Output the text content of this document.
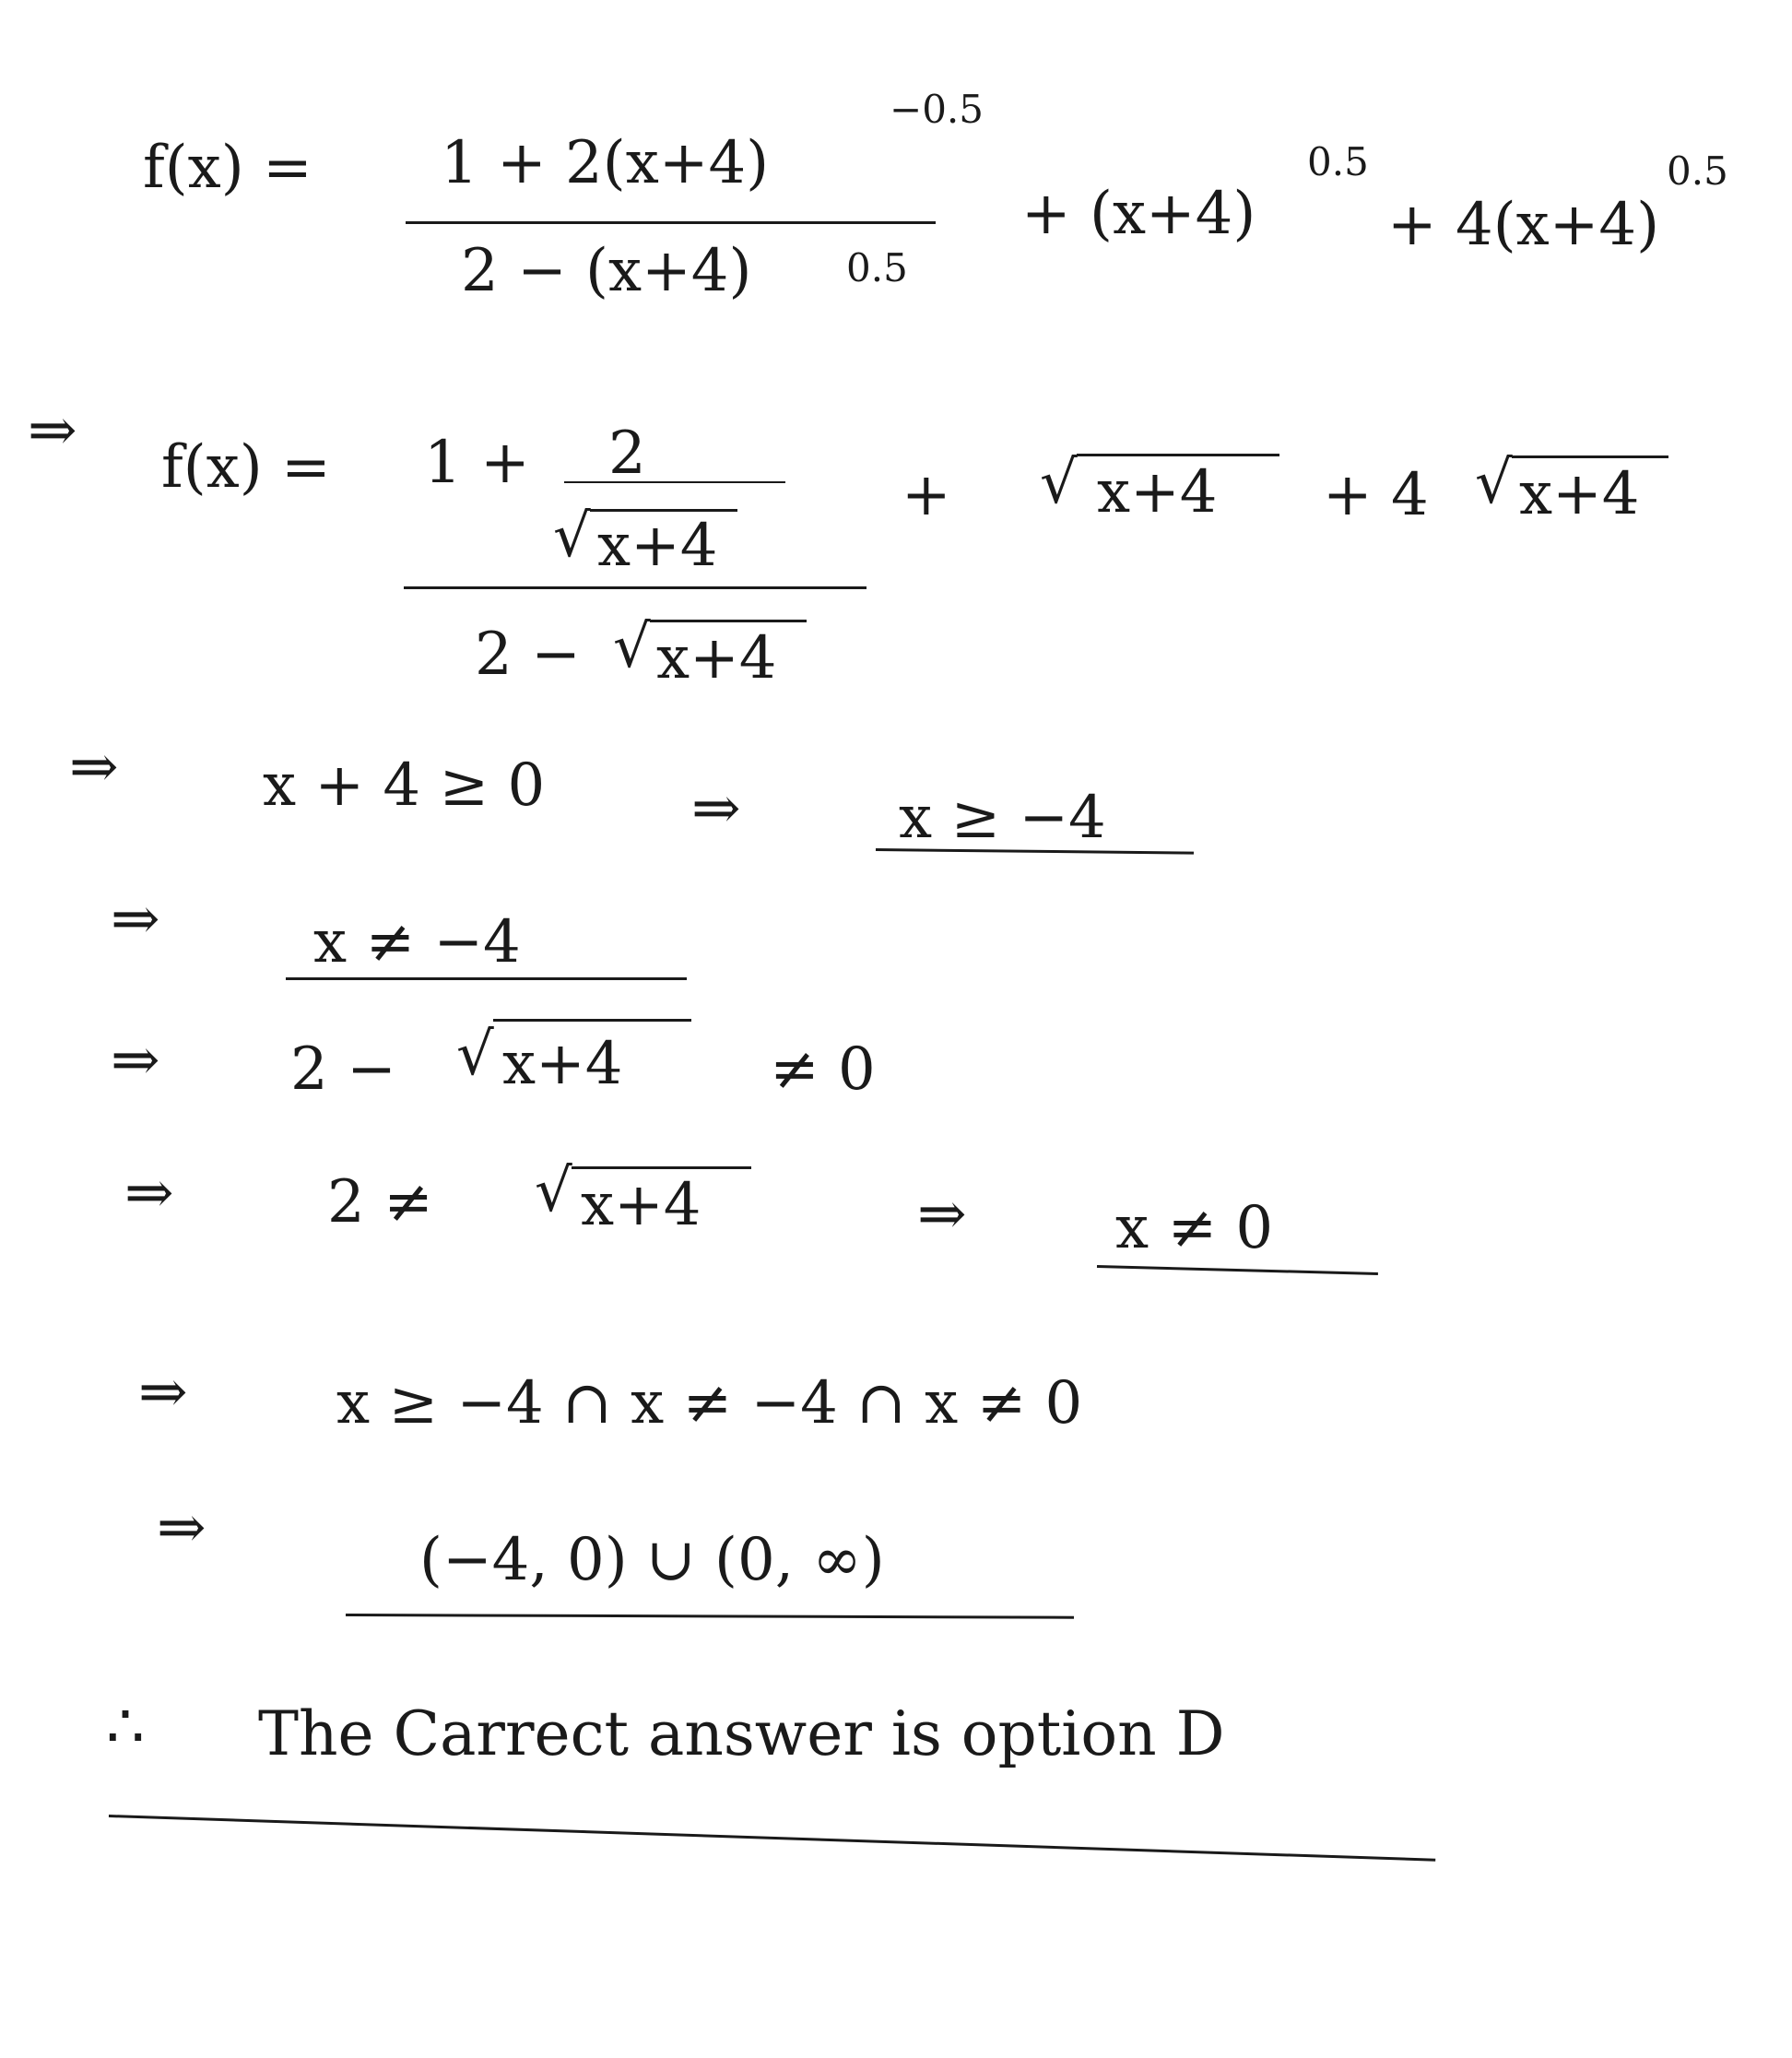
f(x) = 1 + 2(x+4)
−0.5
2 − (x+4) 0.5
+ (x+4)
0.5
+ 4(x+4)
0.5
⇒
f(x) = 1 + 2
√ x+4
2 − √ x+4
+ √ x+4 + 4 √ x+4
⇒ x + 4 ≥ 0 ⇒	x ≥ −4
⇒	x ≠ −4
⇒ 2 − √ x+4 ≠ 0
⇒	2 ≠ √ x+4	⇒	x ≠ 0
⇒	x ≥ −4 ∩ x ≠ −4 ∩ x ≠ 0
⇒	(−4, 0) ∪ (0, ∞)
∴ The Carrect answer is option D
